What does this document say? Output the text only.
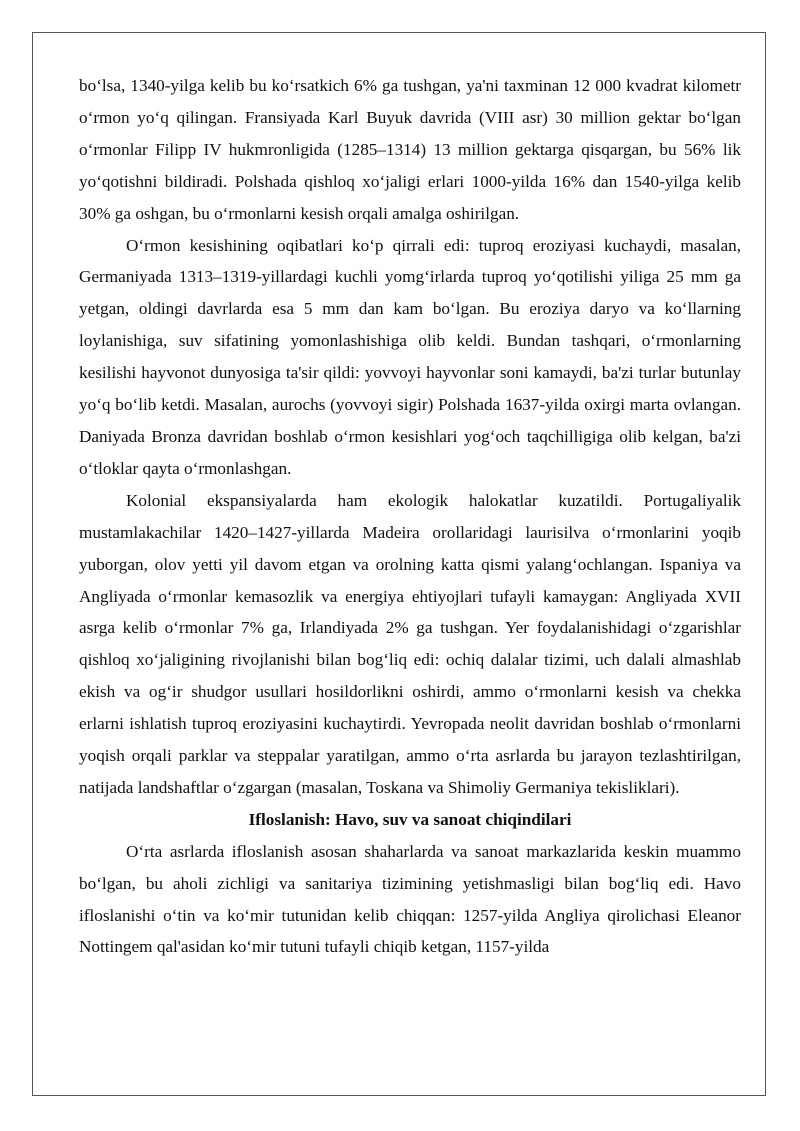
bo‘lsa, 1340-yilga kelib bu ko‘rsatkich 6% ga tushgan, ya'ni taxminan 12 000 kvadrat kilometr o‘rmon yo‘q qilingan. Fransiyada Karl Buyuk davrida (VIII asr) 30 million gektar bo‘lgan o‘rmonlar Filipp IV hukmronligida (1285–1314) 13 million gektarga qisqargan, bu 56% lik yo‘qotishni bildiradi. Polshada qishloq xo‘jaligi erlari 1000-yilda 16% dan 1540-yilga kelib 30% ga oshgan, bu o‘rmonlarni kesish orqali amalga oshirilgan.

O‘rmon kesishining oqibatlari ko‘p qirrali edi: tuproq eroziyasi kuchaydi, masalan, Germaniyada 1313–1319-yillardagi kuchli yomg‘irlarda tuproq yo‘qotilishi yiliga 25 mm ga yetgan, oldingi davrlarda esa 5 mm dan kam bo‘lgan. Bu eroziya daryo va ko‘llarning loylanishiga, suv sifatining yomonlashishiga olib keldi. Bundan tashqari, o‘rmonlarning kesilishi hayvonot dunyosiga ta'sir qildi: yovvoyi hayvonlar soni kamaydi, ba'zi turlar butunlay yo‘q bo‘lib ketdi. Masalan, aurochs (yovvoyi sigir) Polshada 1637-yilda oxirgi marta ovlangan. Daniyada Bronza davridan boshlab o‘rmon kesishlari yog‘och taqchilligiga olib kelgan, ba'zi o‘tloklar qayta o‘rmonlashgan.

Kolonial ekspansiyalarda ham ekologik halokatlar kuzatildi. Portugaliyalik mustamlakachilar 1420–1427-yillarda Madeira orollaridagi laurisilva o‘rmonlarini yoqib yuborgan, olov yetti yil davom etgan va orolning katta qismi yalang‘ochlangan. Ispaniya va Angliyada o‘rmonlar kemasozlik va energiya ehtiyojlari tufayli kamaygan: Angliyada XVII asrga kelib o‘rmonlar 7% ga, Irlandiyada 2% ga tushgan. Yer foydalanishidagi o‘zgarishlar qishloq xo‘jaligining rivojlanishi bilan bog‘liq edi: ochiq dalalar tizimi, uch dalali almashlab ekish va og‘ir shudgor usullari hosildorlikni oshirdi, ammo o‘rmonlarni kesish va chekka erlarni ishlatish tuproq eroziyasini kuchaytirdi. Yevropada neolit davridan boshlab o‘rmonlarni yoqish orqali parklar va steppalar yaratilgan, ammo o‘rta asrlarda bu jarayon tezlashtirilgan, natijada landshaftlar o‘zgargan (masalan, Toskana va Shimoliy Germaniya tekisliklari).

Ifloslanish: Havo, suv va sanoat chiqindilari

O‘rta asrlarda ifloslanish asosan shaharlarda va sanoat markazlarida keskin muammo bo‘lgan, bu aholi zichligi va sanitariya tizimining yetishmasligi bilan bog‘liq edi. Havo ifloslanishi o‘tin va ko‘mir tutunidan kelib chiqqan: 1257-yilda Angliya qirolichasi Eleanor Nottingem qal'asidan ko‘mir tutuni tufayli chiqib ketgan, 1157-yilda
